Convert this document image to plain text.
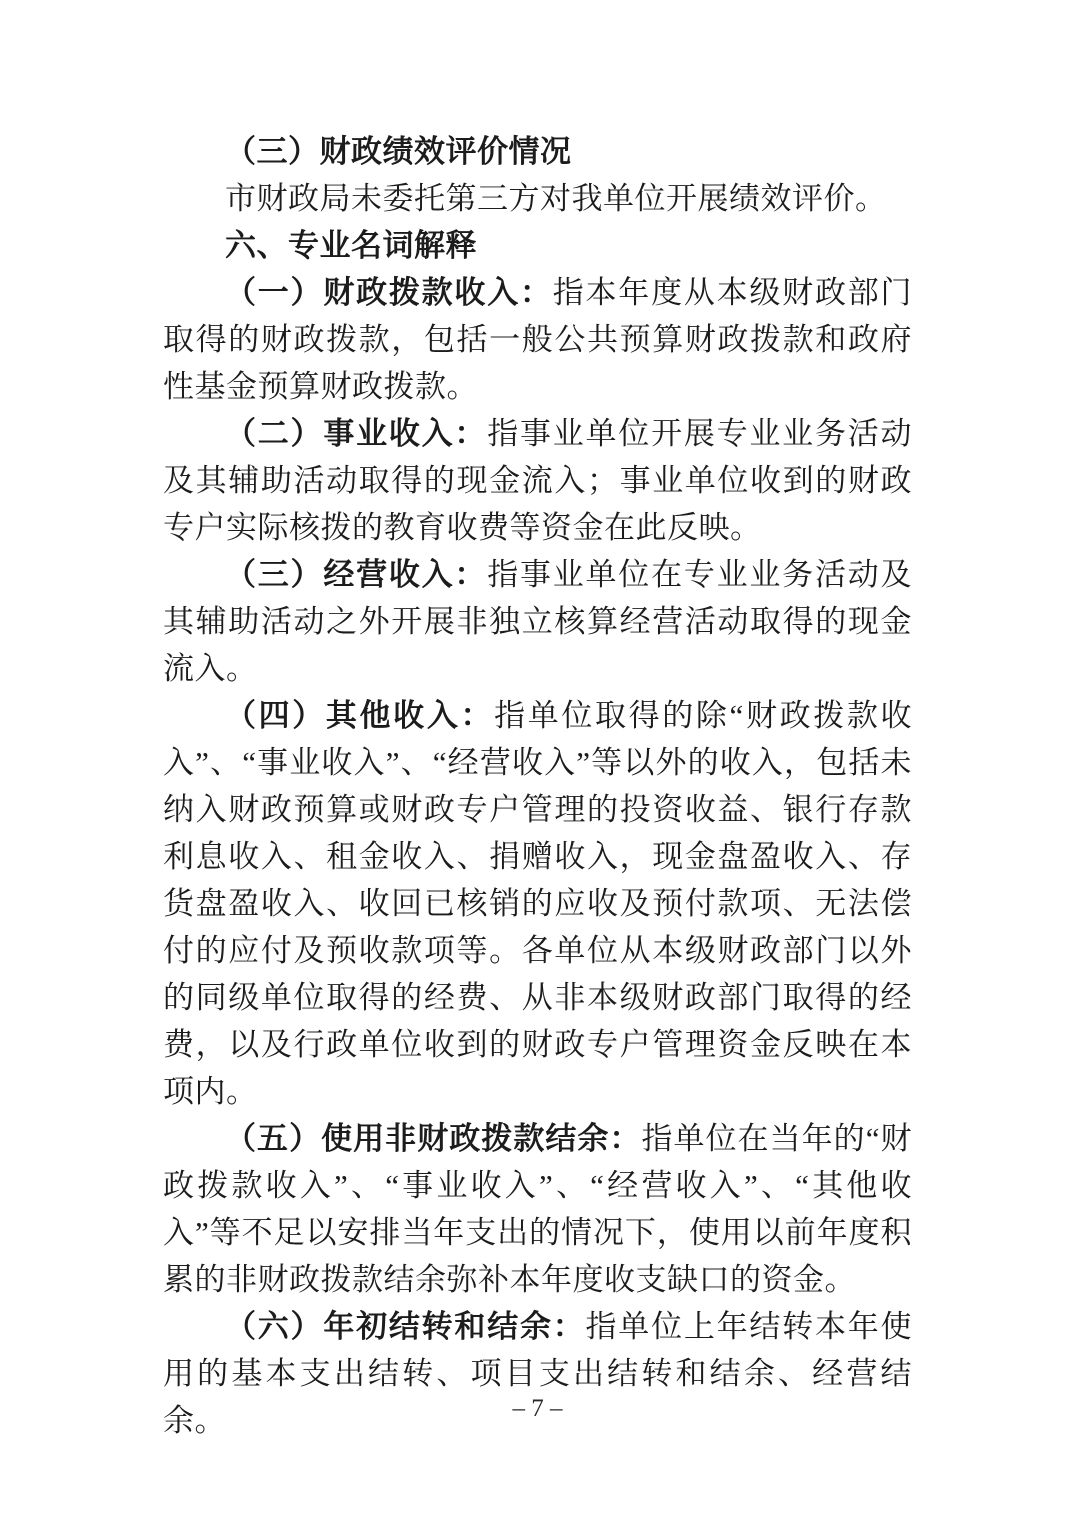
（三）财政绩效评价情况

市财政局未委托第三方对我单位开展绩效评价。

六、专业名词解释

（一）财政拨款收入：指本年度从本级财政部门取得的财政拨款，包括一般公共预算财政拨款和政府性基金预算财政拨款。

（二）事业收入：指事业单位开展专业业务活动及其辅助活动取得的现金流入；事业单位收到的财政专户实际核拨的教育收费等资金在此反映。

（三）经营收入：指事业单位在专业业务活动及其辅助活动之外开展非独立核算经营活动取得的现金流入。

（四）其他收入：指单位取得的除“财政拨款收入”、“事业收入”、“经营收入”等以外的收入，包括未纳入财政预算或财政专户管理的投资收益、银行存款利息收入、租金收入、捐赠收入，现金盘盈收入、存货盘盈收入、收回已核销的应收及预付款项、无法偿付的应付及预收款项等。各单位从本级财政部门以外的同级单位取得的经费、从非本级财政部门取得的经费，以及行政单位收到的财政专户管理资金反映在本项内。

（五）使用非财政拨款结余：指单位在当年的“财政拨款收入”、“事业收入”、“经营收入”、“其他收入”等不足以安排当年支出的情况下，使用以前年度积累的非财政拨款结余弥补本年度收支缺口的资金。

（六）年初结转和结余：指单位上年结转本年使用的基本支出结转、项目支出结转和结余、经营结余。	– 7 –
